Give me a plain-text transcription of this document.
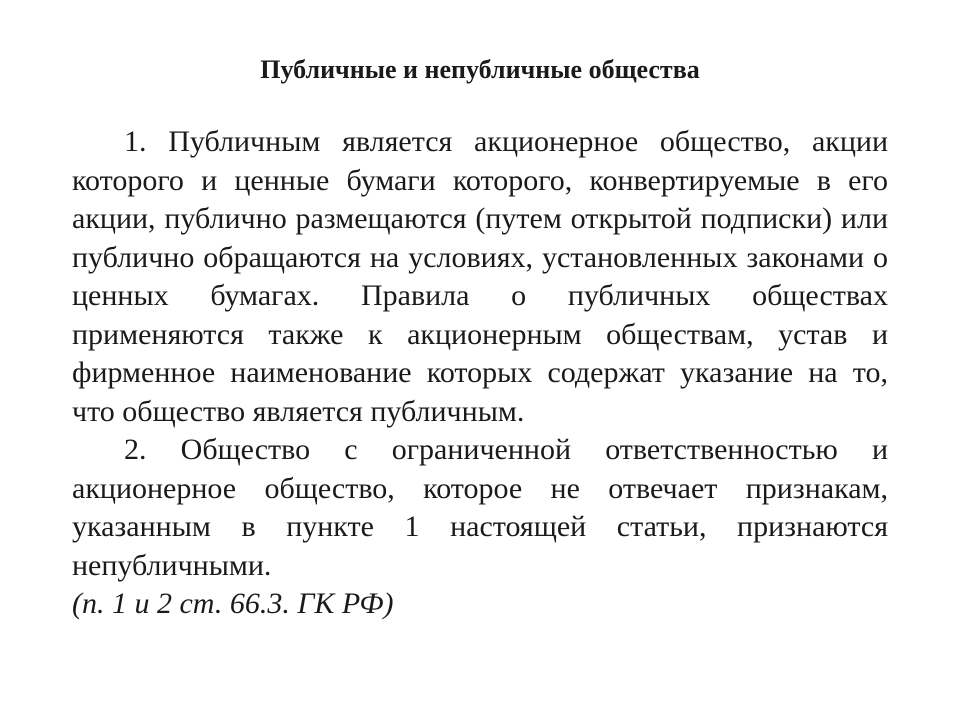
Публичные и непубличные общества

1. Публичным является акционерное общество, акции которого и ценные бумаги которого, конвертируемые в его акции, публично размещаются (путем открытой подписки) или публично обращаются на условиях, установленных законами о ценных бумагах. Правила о публичных обществах применяются также к акционерным обществам, устав и фирменное наименование которых содержат указание на то, что общество является публичным.

2. Общество с ограниченной ответственностью и акционерное общество, которое не отвечает признакам, указанным в пункте 1 настоящей статьи, признаются непубличными.

(п. 1 и 2 ст. 66.3. ГК РФ)
